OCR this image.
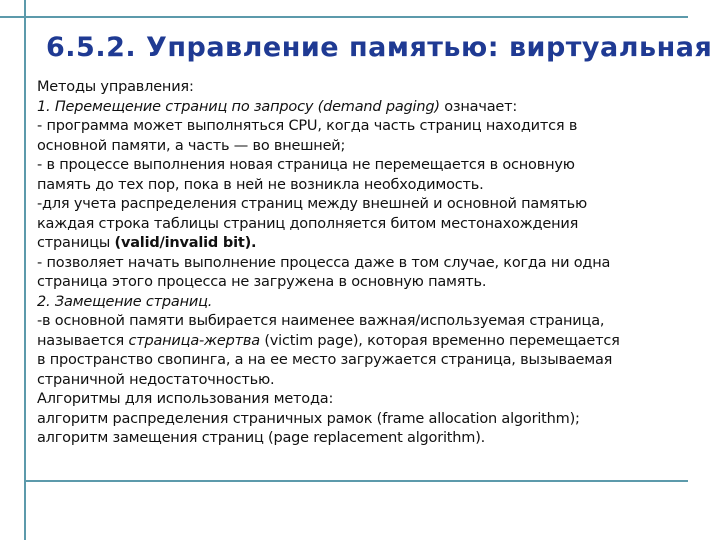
6.5.2. Управление памятью: виртуальная
Методы управления:
1. Перемещение страниц по запросу (demand paging) означает:
- программа может выполняться CPU, когда часть страниц находится в
основной памяти, а часть — во внешней;
- в процессе выполнения новая страница не перемещается в основную
память до тех пор, пока в ней не возникла необходимость.
-для учета распределения страниц между внешней и основной памятью
каждая строка таблицы страниц дополняется битом местонахождения
страницы (valid/invalid bit).
- позволяет начать выполнение процесса даже в том случае, когда ни одна
страница этого процесса не загружена в основную память.
2. Замещение страниц.
-в основной памяти выбирается наименее важная/используемая страница,
называется страница-жертва (victim page), которая временно перемещается
в пространство свопинга, а на ее место загружается страница, вызываемая
страничной недостаточностью.
Алгоритмы для использования метода:
алгоритм распределения страничных рамок (frame allocation algorithm);
алгоритм замещения страниц (page replacement algorithm).
